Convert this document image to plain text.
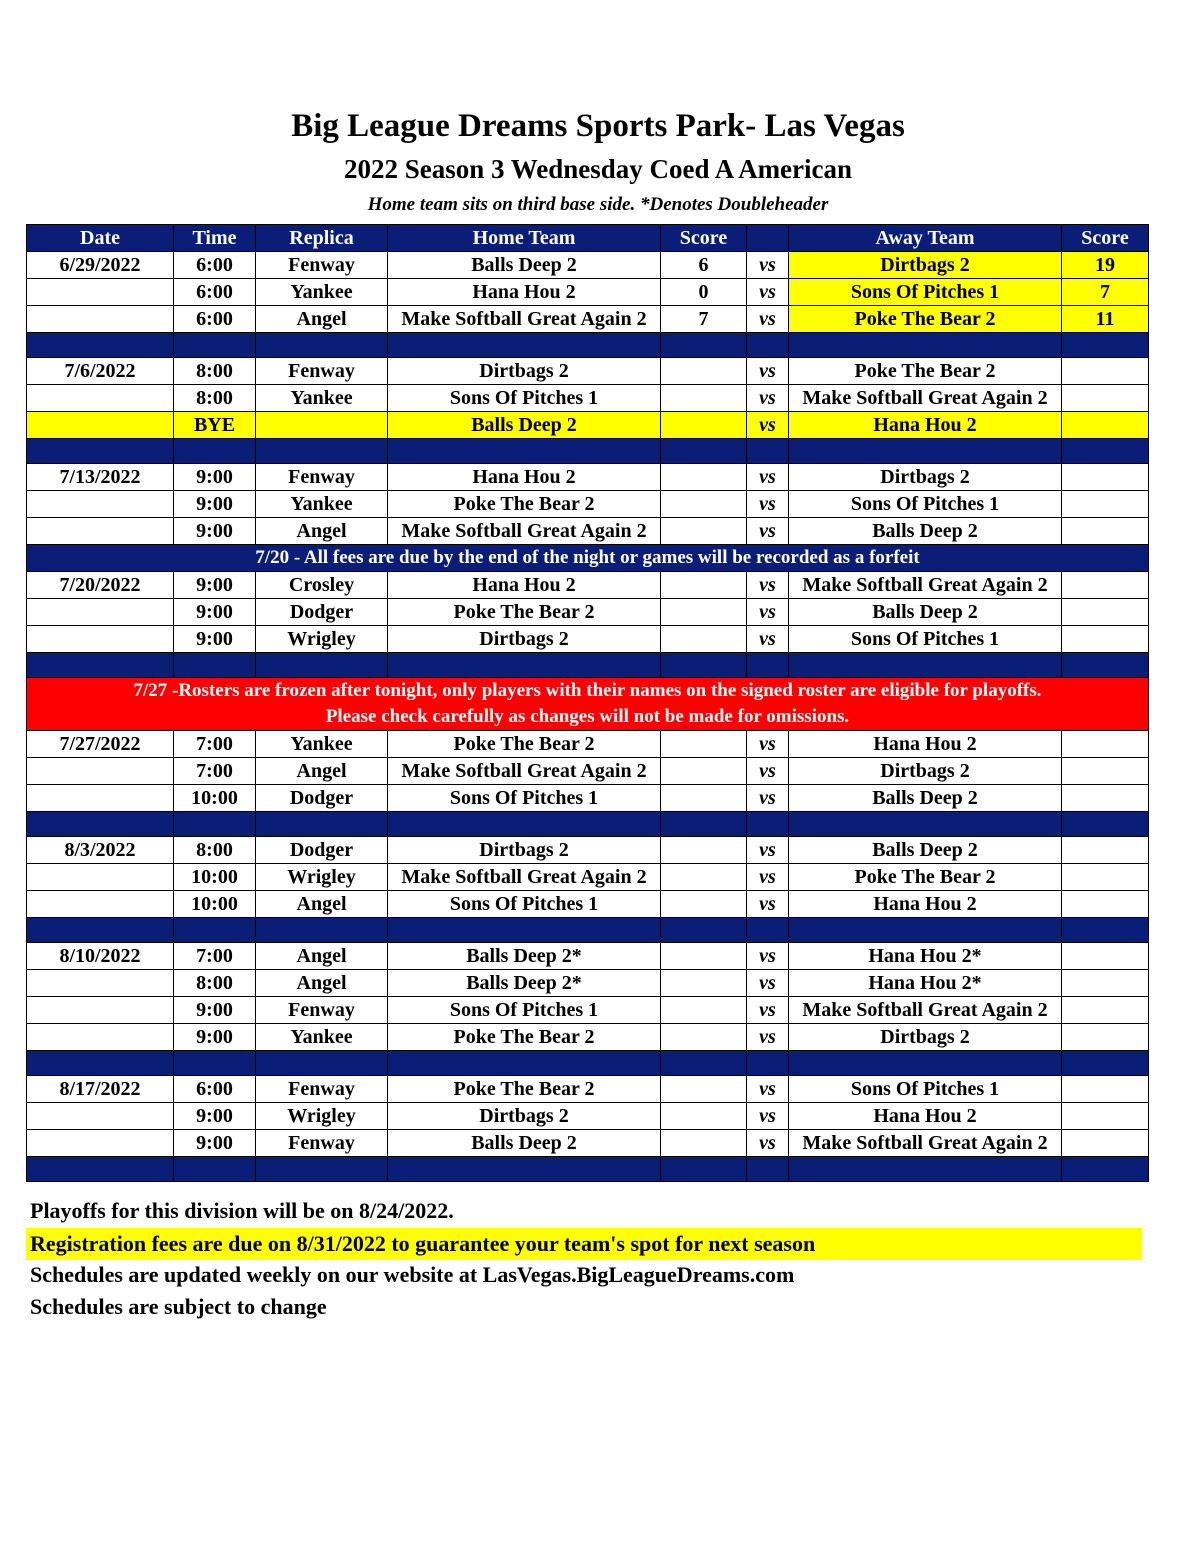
Big League Dreams Sports Park- Las Vegas
2022 Season 3 Wednesday Coed A American
Home team sits on third base side. *Denotes Doubleheader
Date	Time	Replica	Home Team	Score		Away Team	Score
6/29/2022	6:00	Fenway	Balls Deep 2	6	vs	Dirtbags 2	19
	6:00	Yankee	Hana Hou 2	0	vs	Sons Of Pitches 1	7
	6:00	Angel	Make Softball Great Again 2	7	vs	Poke The Bear 2	11

7/6/2022	8:00	Fenway	Dirtbags 2		vs	Poke The Bear 2	
	8:00	Yankee	Sons Of Pitches 1		vs	Make Softball Great Again 2	
	BYE		Balls Deep 2		vs	Hana Hou 2	

7/13/2022	9:00	Fenway	Hana Hou 2		vs	Dirtbags 2	
	9:00	Yankee	Poke The Bear 2		vs	Sons Of Pitches 1	
	9:00	Angel	Make Softball Great Again 2		vs	Balls Deep 2	
7/20 - All fees are due by the end of the night or games will be recorded as a forfeit							
7/20/2022	9:00	Crosley	Hana Hou 2		vs	Make Softball Great Again 2	
	9:00	Dodger	Poke The Bear 2		vs	Balls Deep 2	
	9:00	Wrigley	Dirtbags 2		vs	Sons Of Pitches 1	

7/27 -Rosters are frozen after tonight, only players with their names on the signed roster are eligible for playoffs.
Please check carefully as changes will not be made for omissions.							

7/27/2022	7:00	Yankee	Poke The Bear 2		vs	Hana Hou 2	
	7:00	Angel	Make Softball Great Again 2		vs	Dirtbags 2	
	10:00	Dodger	Sons Of Pitches 1		vs	Balls Deep 2	

8/3/2022	8:00	Dodger	Dirtbags 2		vs	Balls Deep 2	
	10:00	Wrigley	Make Softball Great Again 2		vs	Poke The Bear 2	
	10:00	Angel	Sons Of Pitches 1		vs	Hana Hou 2	

8/10/2022	7:00	Angel	Balls Deep 2*		vs	Hana Hou 2*	
	8:00	Angel	Balls Deep 2*		vs	Hana Hou 2*	
	9:00	Fenway	Sons Of Pitches 1		vs	Make Softball Great Again 2	
	9:00	Yankee	Poke The Bear 2		vs	Dirtbags 2	

8/17/2022	6:00	Fenway	Poke The Bear 2		vs	Sons Of Pitches 1	
	9:00	Wrigley	Dirtbags 2		vs	Hana Hou 2	
	9:00	Fenway	Balls Deep 2		vs	Make Softball Great Again 2	

Playoffs for this division will be on 8/24/2022.
Registration fees are due on 8/31/2022 to guarantee your team's spot for next season
Schedules are updated weekly on our website at LasVegas.BigLeagueDreams.com
Schedules are subject to change
